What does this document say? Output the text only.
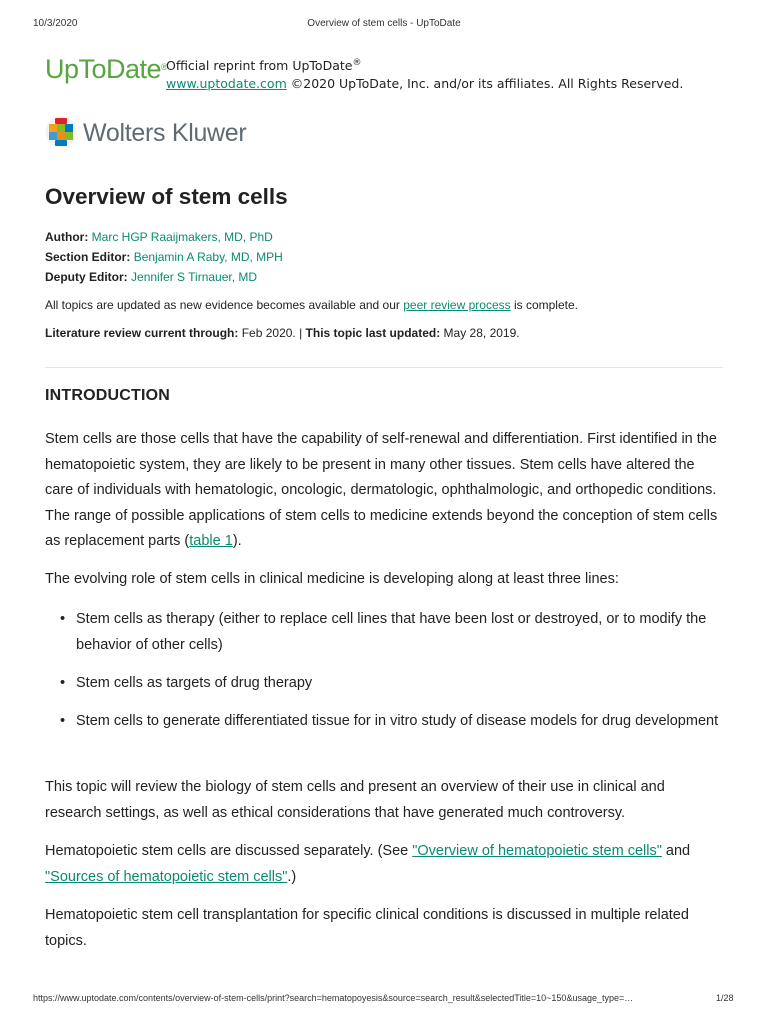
10/3/2020	Overview of stem cells - UpToDate
UpToDate®
Official reprint from UpToDate®
www.uptodate.com ©2020 UpToDate, Inc. and/or its affiliates. All Rights Reserved.
Wolters Kluwer
Overview of stem cells
Author: Marc HGP Raaijmakers, MD, PhD
Section Editor: Benjamin A Raby, MD, MPH
Deputy Editor: Jennifer S Tirnauer, MD
All topics are updated as new evidence becomes available and our peer review process is complete.
Literature review current through: Feb 2020. | This topic last updated: May 28, 2019.
INTRODUCTION
Stem cells are those cells that have the capability of self-renewal and differentiation. First identified in the hematopoietic system, they are likely to be present in many other tissues. Stem cells have altered the care of individuals with hematologic, oncologic, dermatologic, ophthalmologic, and orthopedic conditions. The range of possible applications of stem cells to medicine extends beyond the conception of stem cells as replacement parts (table 1).
The evolving role of stem cells in clinical medicine is developing along at least three lines:
• Stem cells as therapy (either to replace cell lines that have been lost or destroyed, or to modify the behavior of other cells)
• Stem cells as targets of drug therapy
• Stem cells to generate differentiated tissue for in vitro study of disease models for drug development
This topic will review the biology of stem cells and present an overview of their use in clinical and research settings, as well as ethical considerations that have generated much controversy.
Hematopoietic stem cells are discussed separately. (See "Overview of hematopoietic stem cells" and "Sources of hematopoietic stem cells".)
Hematopoietic stem cell transplantation for specific clinical conditions is discussed in multiple related topics.
https://www.uptodate.com/contents/overview-of-stem-cells/print?search=hematopoyesis&source=search_result&selectedTitle=10~150&usage_type=…	1/28
